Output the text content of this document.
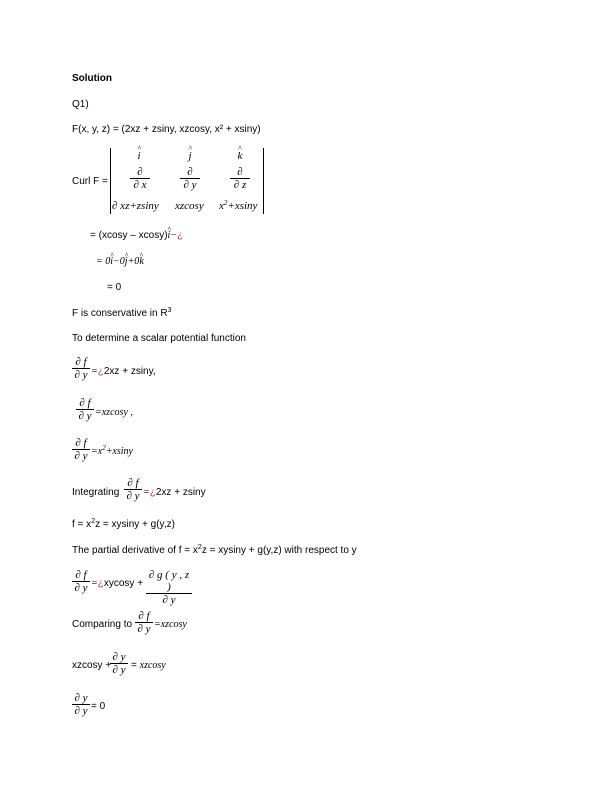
Solution
Q1)
F(x, y, z) = (2xz + zsiny, xzcosy, x² + xsiny)
Curl F =
^ i	^ j	^ k
∂
∂ x
∂
∂ y
∂
∂ z
∂ xz+zsiny xzcosy $x^2+xsiny$
= (xcosy – xcosy)^ i−¿
= 0^ i−0^ j+0^ k
= 0
F is conservative in $R^3$
To determine a scalar potential function
∂ f
∂ y =¿2xz + zsiny,
∂ f
∂ y =xzcosy ,
∂ f
∂ $y =x^2+xsiny$
Integrating
∂ f
∂ y =¿2xz + zsiny
$f = x^2z = xysiny + g(y,z)$
The partial derivative of $f = x^2z = xysiny + g(y,z)$ with respect to y
∂ f
∂ y =¿xycosy +
∂ g ( y , z )
∂ y
Comparing to
∂ f
∂ y =xzcosy
xzcosy +
∂ y
∂ y = xzcosy
∂ y
∂ y = 0
